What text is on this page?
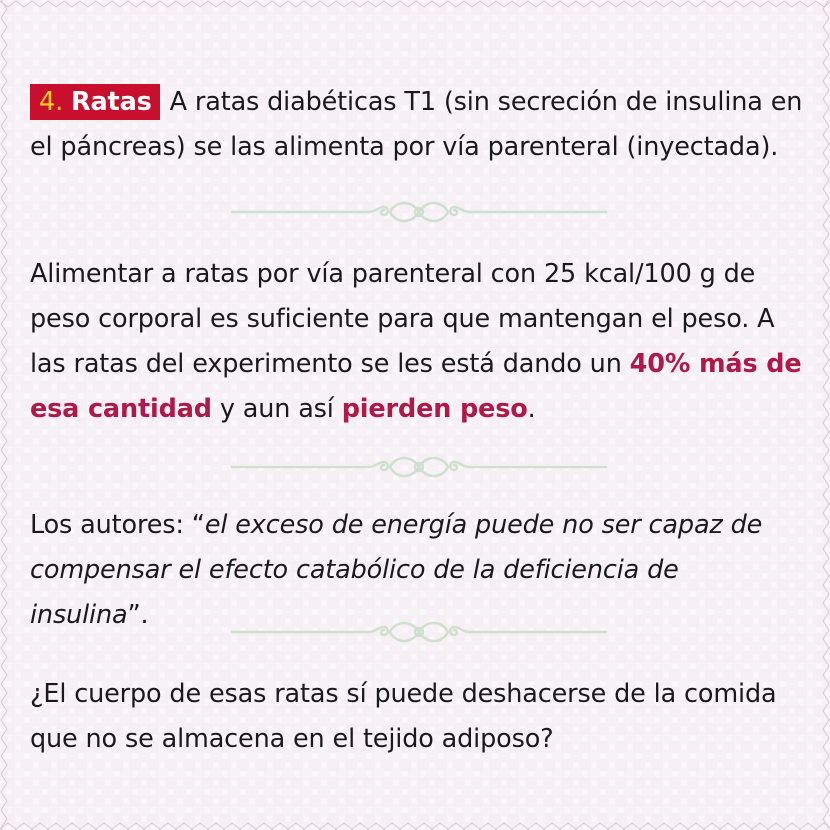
4. Ratas A ratas diabéticas T1 (sin secreción de insulina en el páncreas) se las alimenta por vía parenteral (inyectada).

Alimentar a ratas por vía parenteral con 25 kcal/100 g de peso corporal es suficiente para que mantengan el peso. A las ratas del experimento se les está dando un 40% más de esa cantidad y aun así pierden peso.

Los autores: “el exceso de energía puede no ser capaz de compensar el efecto catabólico de la deficiencia de insulina”.

¿El cuerpo de esas ratas sí puede deshacerse de la comida que no se almacena en el tejido adiposo?
